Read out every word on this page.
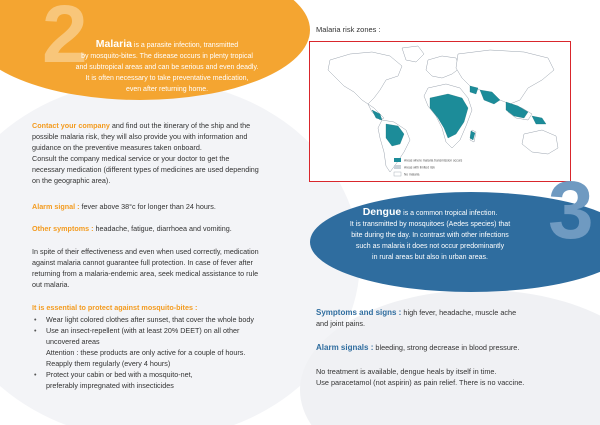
2 Malaria is a parasite infection, transmitted
by mosquito-bites. The disease occurs in plenty tropical
and subtropical areas and can be serious and even deadly.
It is often necessary to take preventative medication,
even after returning home.
Contact your company and find out the itinerary of the ship and the
possible malaria risk, they will also provide you with information and
guidance on the preventive measures taken onboard.
Consult the company medical service or your doctor to get the
necessary medication (different types of medicines are used depending
on the geographic area).
Alarm signal : fever above 38°c for longer than 24 hours.
Other symptoms : headache, fatigue, diarrhoea and vomiting.
In spite of their effectiveness and even when used correctly, medication
against malaria cannot guarantee full protection. In case of fever after
returning from a malaria-endemic area, seek medical assistance to rule
out malaria.
It is essential to protect against mosquito-bites :
• Wear light colored clothes after sunset, that cover the whole body
• Use an insect-repellent (with at least 20% DEET) on all other
uncovered areas
Attention : these products are only active for a couple of hours.
Reapply them regularly (every 4 hours)
• Protect your cabin or bed with a mosquito-net,
preferably impregnated with insecticides
Malaria risk zones :
Areas where malaria transmission occurs
Areas with limited risk
No malaria 3
Dengue is a common tropical infection.
It is transmitted by mosquitoes (Aedes species) that
bite during the day. In contrast with other infections
such as malaria it does not occur predominantly
in rural areas but also in urban areas.
Symptoms and signs : high fever, headache, muscle ache
and joint pains.
Alarm signals : bleeding, strong decrease in blood pressure.
No treatment is available, dengue heals by itself in time.
Use paracetamol (not aspirin) as pain relief. There is no vaccine.
